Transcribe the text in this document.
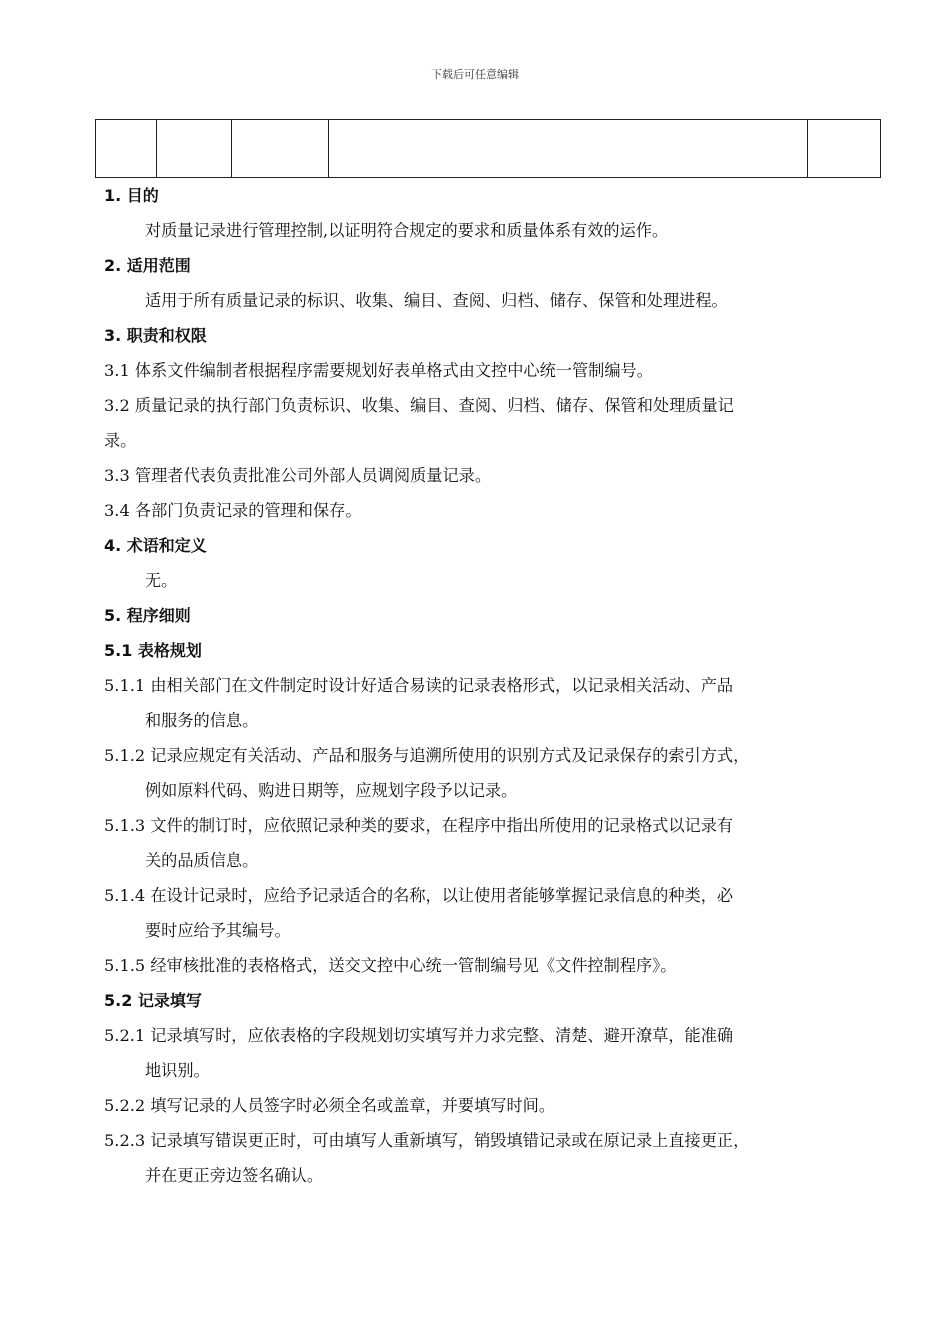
下载后可任意编辑

1. 目的
对质量记录进行管理控制,以证明符合规定的要求和质量体系有效的运作。
2. 适用范围
适用于所有质量记录的标识、收集、编目、查阅、归档、储存、保管和处理进程。
3. 职责和权限
3.1 体系文件编制者根据程序需要规划好表单格式由文控中心统一管制编号。
3.2 质量记录的执行部门负责标识、收集、编目、查阅、归档、储存、保管和处理质量记
录。
3.3 管理者代表负责批准公司外部人员调阅质量记录。
3.4 各部门负责记录的管理和保存。
4. 术语和定义
无。
5. 程序细则
5.1 表格规划
5.1.1 由相关部门在文件制定时设计好适合易读的记录表格形式，以记录相关活动、产品
和服务的信息。
5.1.2 记录应规定有关活动、产品和服务与追溯所使用的识别方式及记录保存的索引方式，
例如原料代码、购进日期等，应规划字段予以记录。
5.1.3 文件的制订时，应依照记录种类的要求，在程序中指出所使用的记录格式以记录有
关的品质信息。
5.1.4 在设计记录时，应给予记录适合的名称，以让使用者能够掌握记录信息的种类，必
要时应给予其编号。
5.1.5 经审核批准的表格格式，送交文控中心统一管制编号见《文件控制程序》。
5.2 记录填写
5.2.1 记录填写时，应依表格的字段规划切实填写并力求完整、清楚、避开潦草，能准确
地识别。
5.2.2 填写记录的人员签字时必须全名或盖章，并要填写时间。
5.2.3 记录填写错误更正时，可由填写人重新填写，销毁填错记录或在原记录上直接更正，
并在更正旁边签名确认。
